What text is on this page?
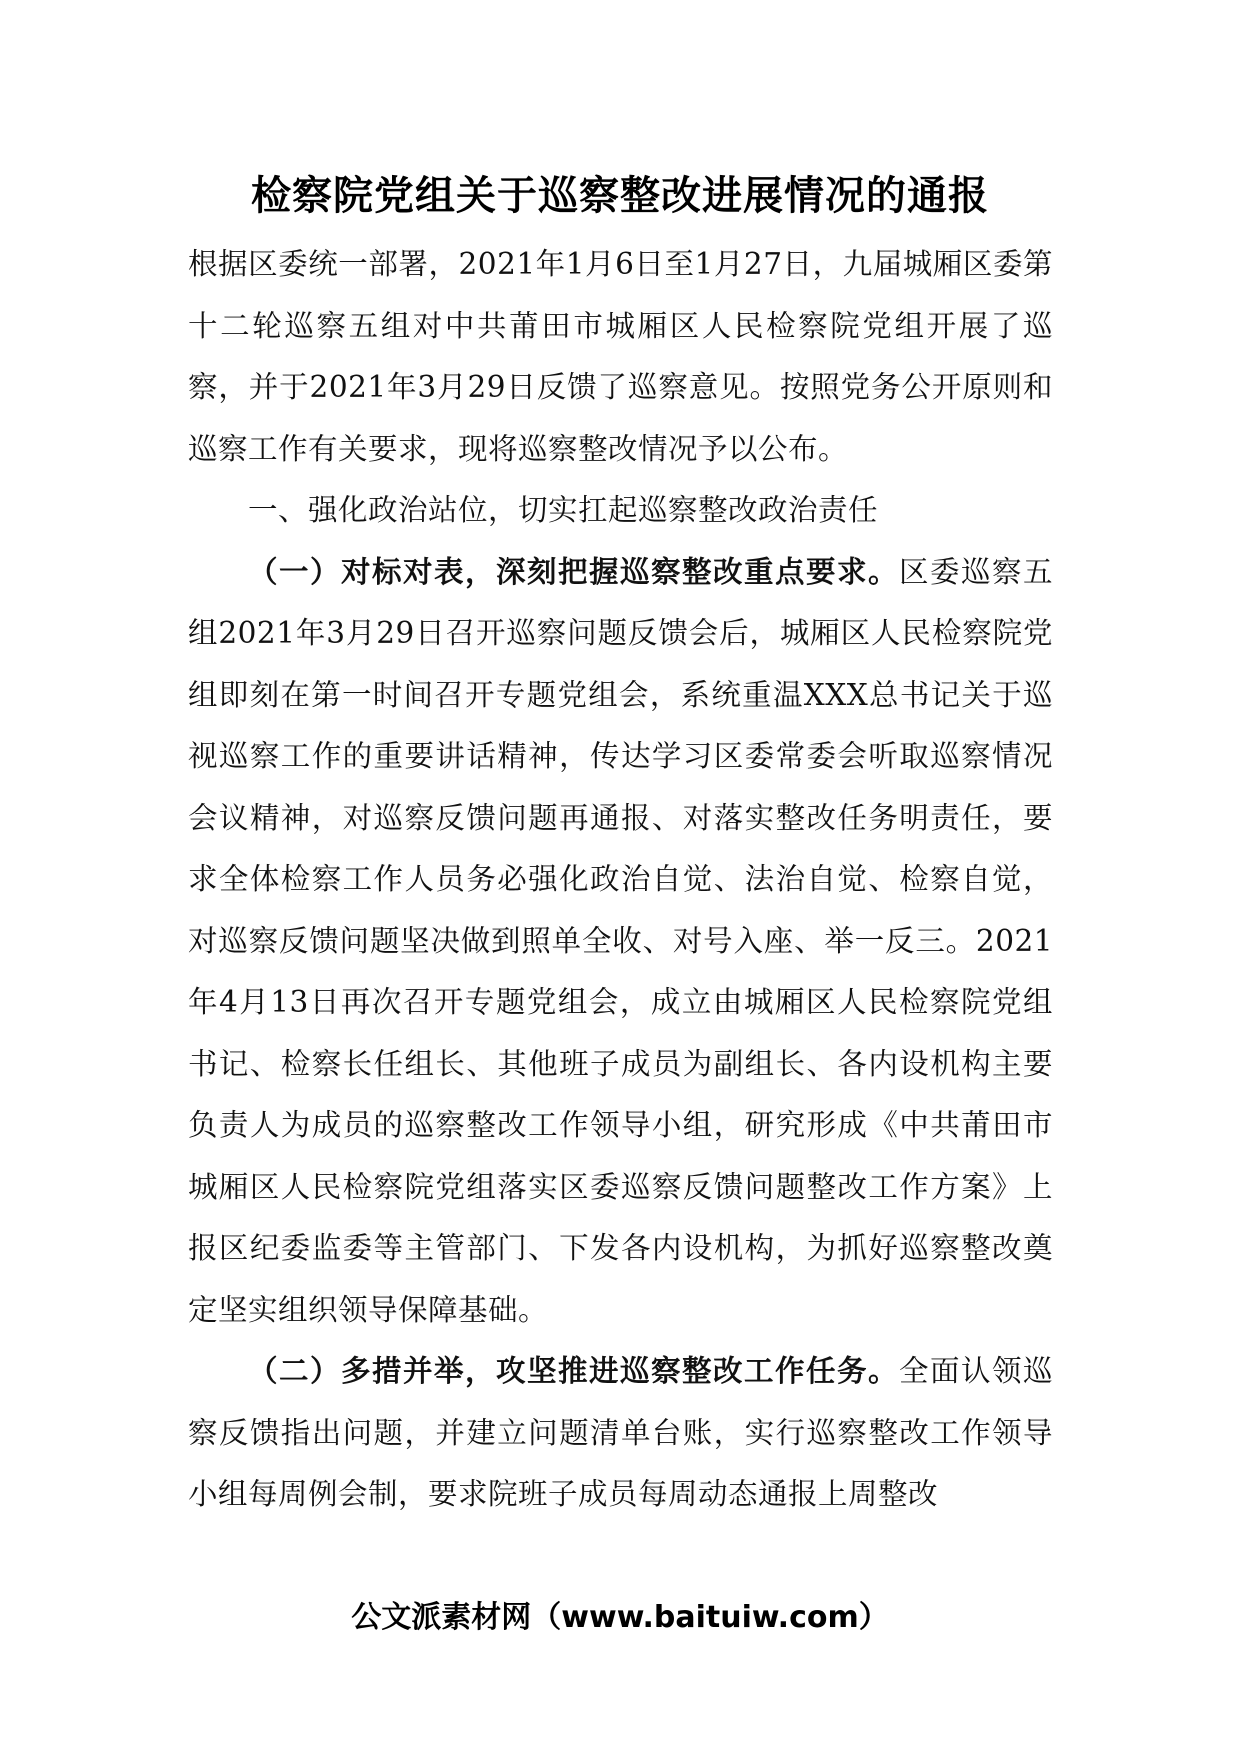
检察院党组关于巡察整改进展情况的通报

根据区委统一部署，2021年1月6日至1月27日，九届城厢区委第十二轮巡察五组对中共莆田市城厢区人民检察院党组开展了巡察，并于2021年3月29日反馈了巡察意见。按照党务公开原则和巡察工作有关要求，现将巡察整改情况予以公布。

一、强化政治站位，切实扛起巡察整改政治责任

（一）对标对表，深刻把握巡察整改重点要求。区委巡察五组2021年3月29日召开巡察问题反馈会后，城厢区人民检察院党组即刻在第一时间召开专题党组会，系统重温XXX总书记关于巡视巡察工作的重要讲话精神，传达学习区委常委会听取巡察情况会议精神，对巡察反馈问题再通报、对落实整改任务明责任，要求全体检察工作人员务必强化政治自觉、法治自觉、检察自觉，对巡察反馈问题坚决做到照单全收、对号入座、举一反三。2021年4月13日再次召开专题党组会，成立由城厢区人民检察院党组书记、检察长任组长、其他班子成员为副组长、各内设机构主要负责人为成员的巡察整改工作领导小组，研究形成《中共莆田市城厢区人民检察院党组落实区委巡察反馈问题整改工作方案》上报区纪委监委等主管部门、下发各内设机构，为抓好巡察整改奠定坚实组织领导保障基础。

（二）多措并举，攻坚推进巡察整改工作任务。全面认领巡察反馈指出问题，并建立问题清单台账，实行巡察整改工作领导小组每周例会制，要求院班子成员每周动态通报上周整改

公文派素材网（www.baituiw.com）
